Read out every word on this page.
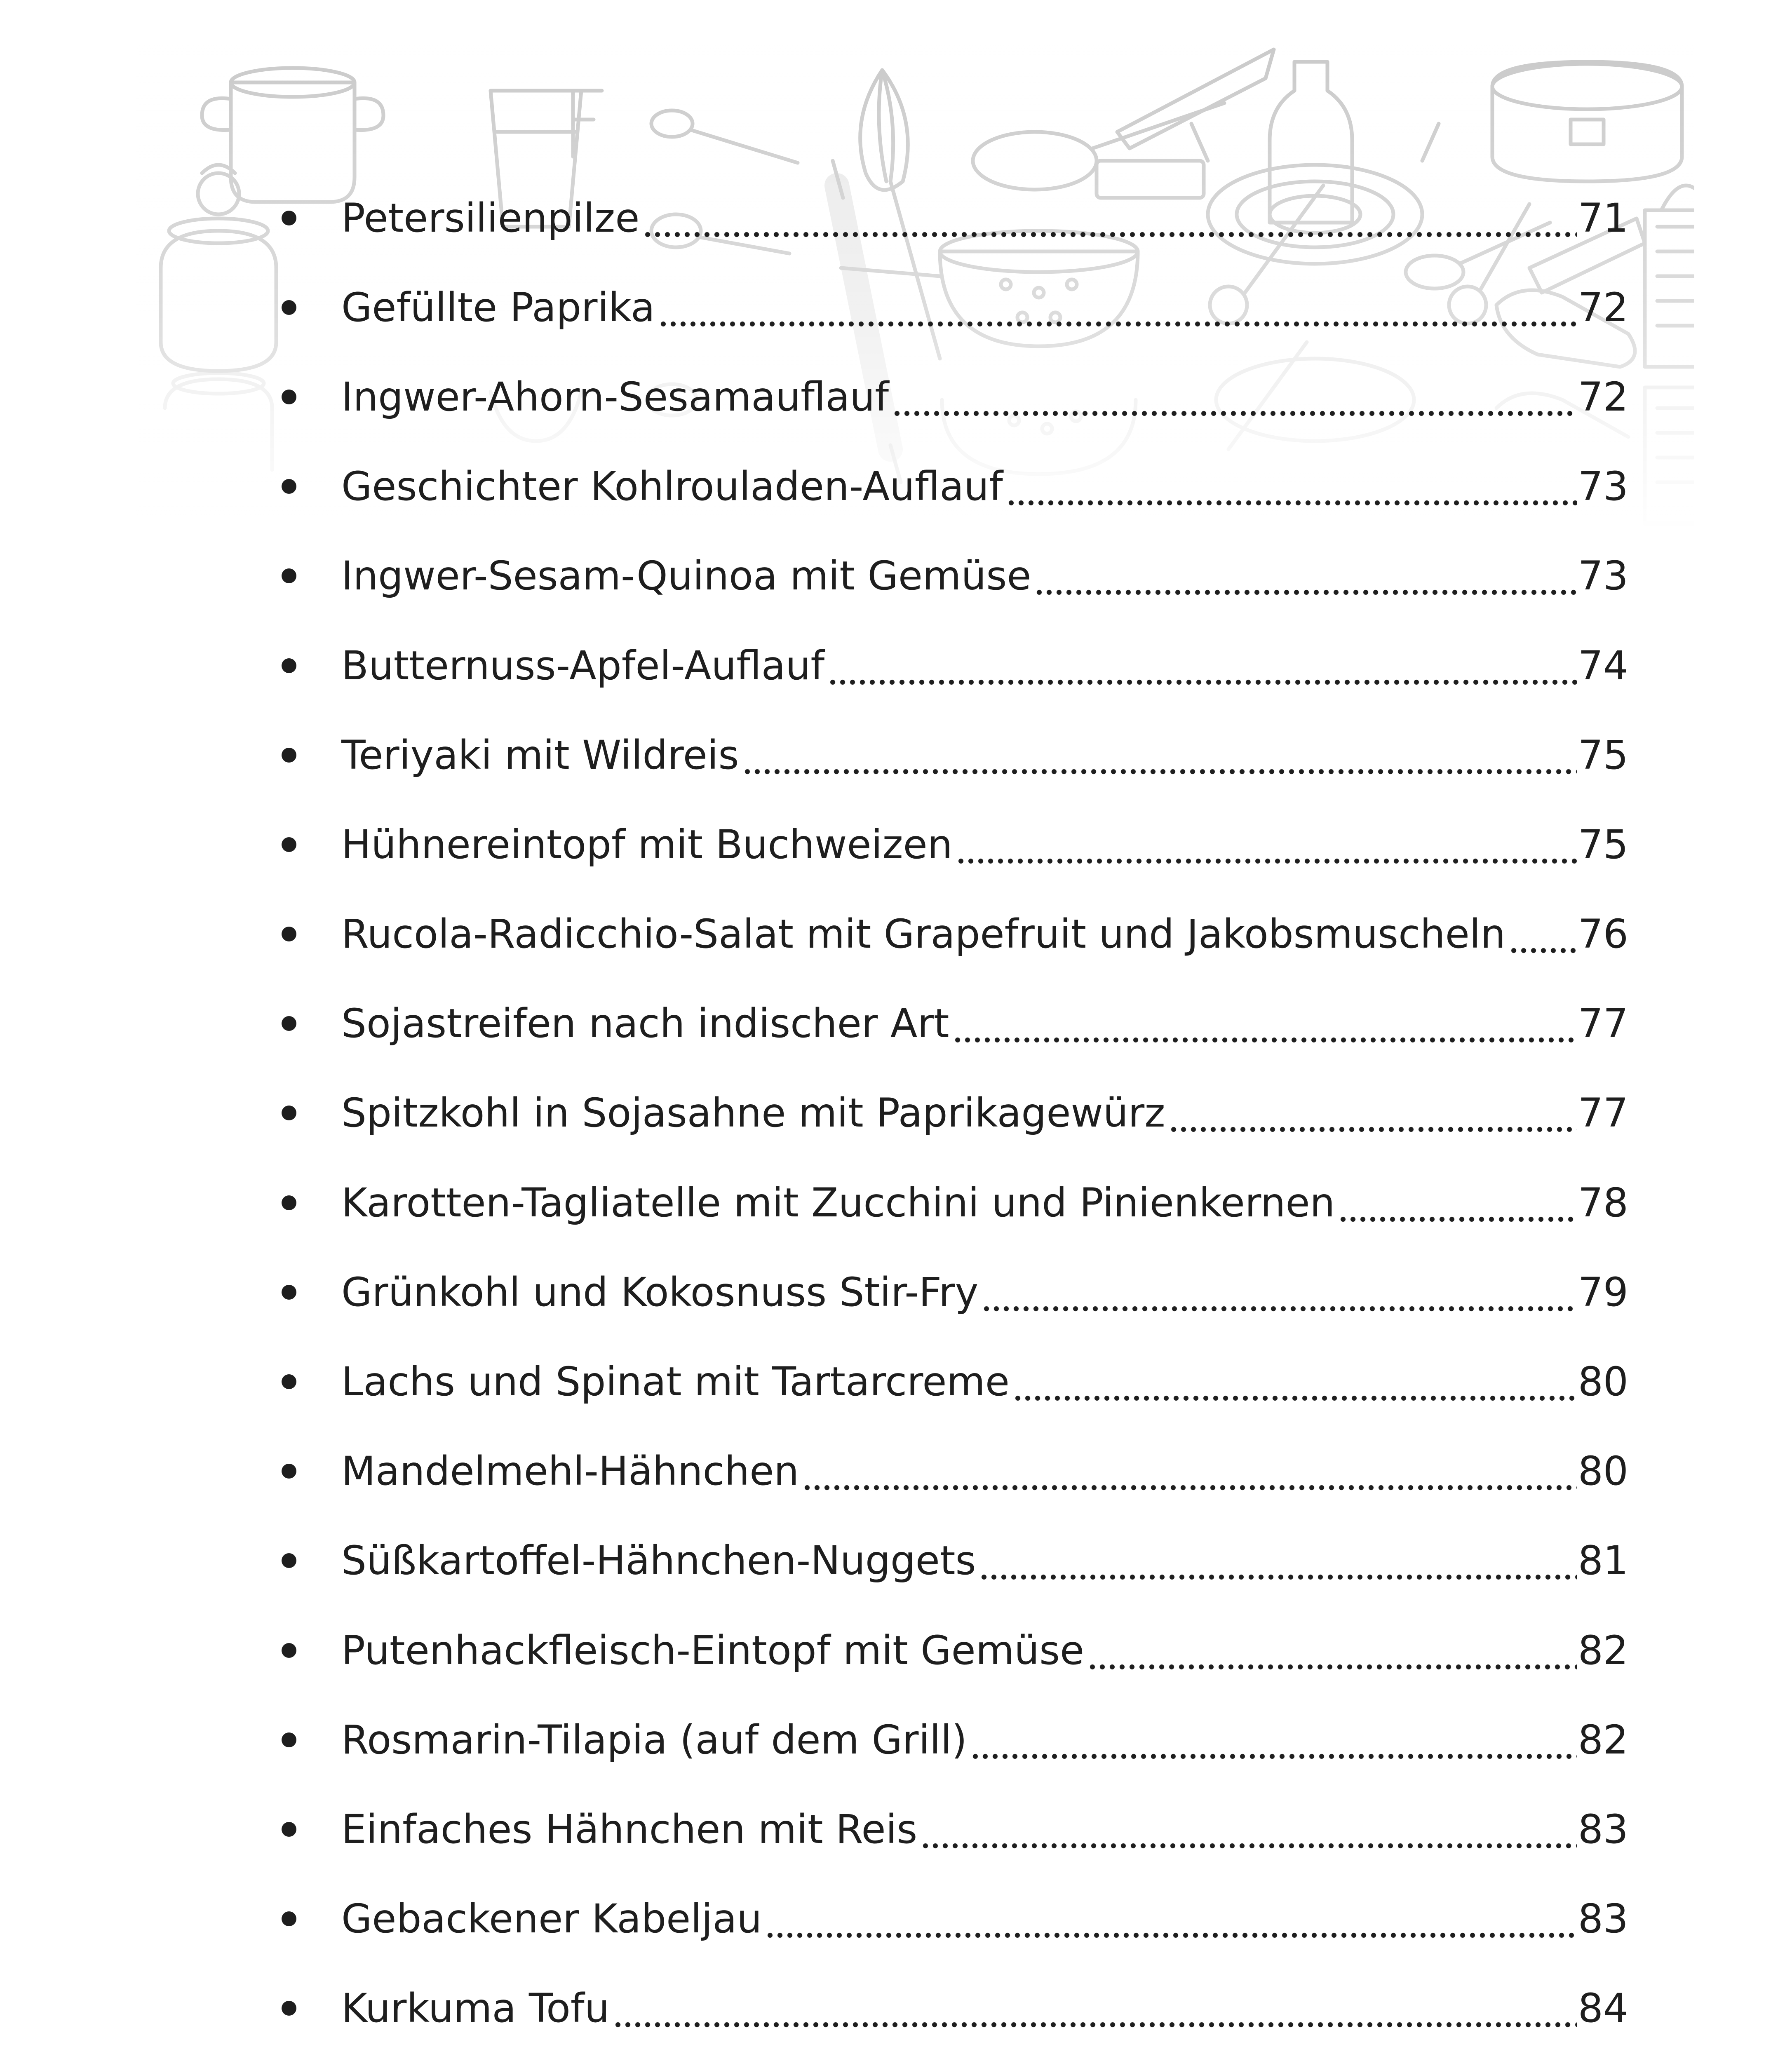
Petersilienpilze	71
Gefüllte Paprika	72
Ingwer-Ahorn-Sesamauflauf	72
Geschichter Kohlrouladen-Auflauf	73
Ingwer-Sesam-Quinoa mit Gemüse	73
Butternuss-Apfel-Auflauf	74
Teriyaki mit Wildreis	75
Hühnereintopf mit Buchweizen	75
Rucola-Radicchio-Salat mit Grapefruit und Jakobsmuscheln 76
Sojastreifen nach indischer Art	77
Spitzkohl in Sojasahne mit Paprikagewürz	77
Karotten-Tagliatelle mit Zucchini und Pinienkernen	78
Grünkohl und Kokosnuss Stir-Fry	79
Lachs und Spinat mit Tartarcreme	80
Mandelmehl-Hähnchen	80
Süßkartoffel-Hähnchen-Nuggets	81
Putenhackfleisch-Eintopf mit Gemüse	82
Rosmarin-Tilapia (auf dem Grill)	82
Einfaches Hähnchen mit Reis	83
Gebackener Kabeljau	83
Kurkuma Tofu	84
